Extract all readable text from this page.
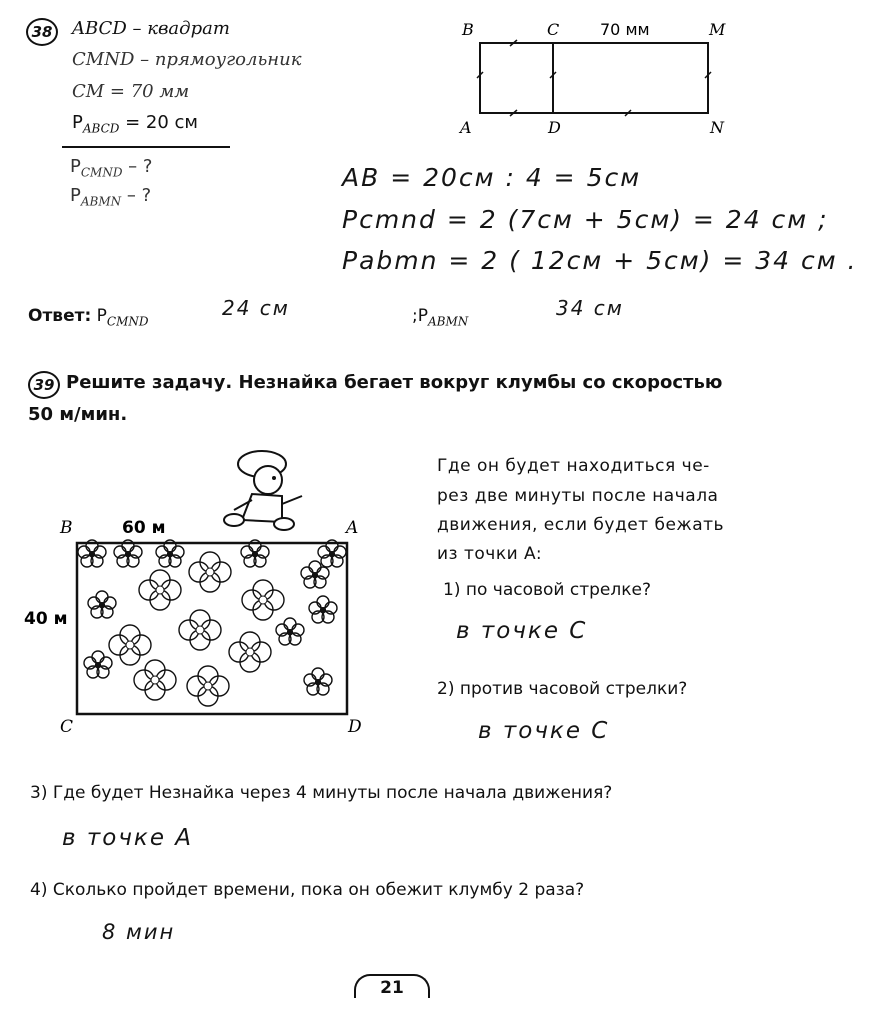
38	ABCD – квадрат
CMND – прямоугольник
CM = 70 мм
$P_{ABCD} = 20$ см
$P_{CMND}$ – ?
$P_{ABMN}$ – ?
B	C	70 мм	M
A	D	N
AB = 20см : 4 = 5см
Pcmnd = 2 (7см + 5см) = 24 см ;
Pabmn = 2 ( 12см + 5см) = 34 см .
Ответ: $P_{CMND}$
24 см	$;P_{ABMN}$
34 см
39 Решите задачу. Незнайка бегает вокруг клумбы со скоростью
50 м/мин.
B	60 м	A
40 м
C	D
Где он будет находиться че-
рез две минуты после начала
движения, если будет бежать
из точки A:
1) по часовой стрелке?
в точке C
2) против часовой стрелки?
в точке C
3) Где будет Незнайка через 4 минуты после начала движения?
в точке A
4) Сколько пройдет времени, пока он обежит клумбу 2 раза?
8 мин
21
